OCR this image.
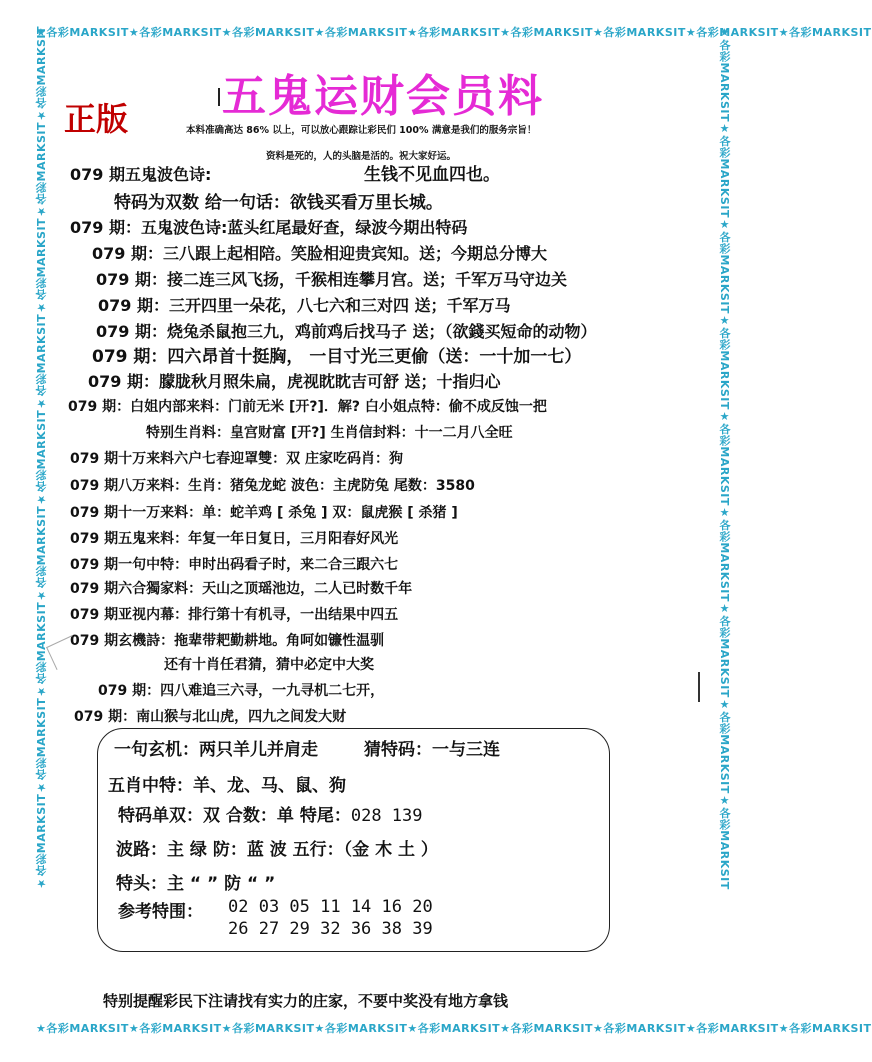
★各彩MARKSIT★各彩MARKSIT★各彩MARKSIT★各彩MARKSIT★各彩MARKSIT★各彩MARKSIT★各彩MARKSIT★各彩MARKSIT★各彩MARKSIT
★各彩MARKSIT★各彩MARKSIT★各彩MARKSIT★各彩MARKSIT★各彩MARKSIT★各彩MARKSIT★各彩MARKSIT★各彩MARKSIT★各彩MARKSIT
★各彩MARKSIT★各彩MARKSIT★各彩MARKSIT★各彩MARKSIT★各彩MARKSIT★各彩MARKSIT★各彩MARKSIT★各彩MARKSIT★各彩MARKSIT	★各彩MARKSIT★各彩MARKSIT★各彩MARKSIT★各彩MARKSIT★各彩MARKSIT★各彩MARKSIT★各彩MARKSIT★各彩MARKSIT★各彩MARKSIT
五鬼运财会员料
正版	本料准确高达 86% 以上，可以放心跟踪让彩民们 100% 满意是我们的服务宗旨！
资料是死的，人的头脑是活的。祝大家好运。
079 期五鬼波色诗:	生钱不见血四也。
特码为双数 给一句话：欲钱买看万里长城。
079 期：五鬼波色诗:蓝头红尾最好查，绿波今期出特码
079 期：三八跟上起相陪。笑脸相迎贵宾知。送；今期总分博大
079 期：接二连三风飞扬，千猴相连攀月宫。送；千军万马守边关
079 期：三开四里一朵花，八七六和三对四 送；千军万马
079 期：烧兔杀鼠抱三九，鸡前鸡后找马子 送；（欲錢买短命的动物）
079 期：四六昂首十挺胸， 一目寸光三更偷（送：一十加一七）
079 期：朦胧秋月照朱扁，虎视眈眈吉可舒 送；十指归心
079 期：白姐内部来料：门前无米 [开?]．解? 白小姐点特：偷不成反蚀一把
特别生肖料：皇宫财富 [开?] 生肖信封料：十一二月八全旺
079 期十万来料六户七春迎罩雙：双 庄家吃码肖：狗
079 期八万来料：生肖：猪兔龙蛇 波色：主虎防兔 尾数：3580
079 期十一万来料：单：蛇羊鸡 [ 杀兔 ] 双：鼠虎猴 [ 杀猪 ]
079 期五鬼来料：年复一年日复日，三月阳春好风光
079 期一句中特：申时出码看子时，来二合三跟六七
079 期六合獨家料：天山之顶瑶池边，二人已时数千年
079 期亚视内幕：排行第十有机寻，一出结果中四五
079 期玄機詩：拖辈带耙勤耕地。角呵如镰性温驯
还有十肖任君猜，猜中必定中大奖
079 期：四八难追三六寻，一九寻机二七开，
079 期：南山猴与北山虎，四九之间发大财
一句玄机：两只羊儿并肩走	猜特码：一与三连
五肖中特：羊、龙、马、鼠、狗
特码单双：双 合数：单 特尾：028 139
波路：主 绿 防：蓝 波 五行：（金 木 土 ）
特头：主 “ ” 防 “ ”
参考特围： 02 03 05 11 14 16 20
26 27 29 32 36 38 39
特别提醒彩民下注请找有实力的庄家，不要中奖没有地方拿钱
